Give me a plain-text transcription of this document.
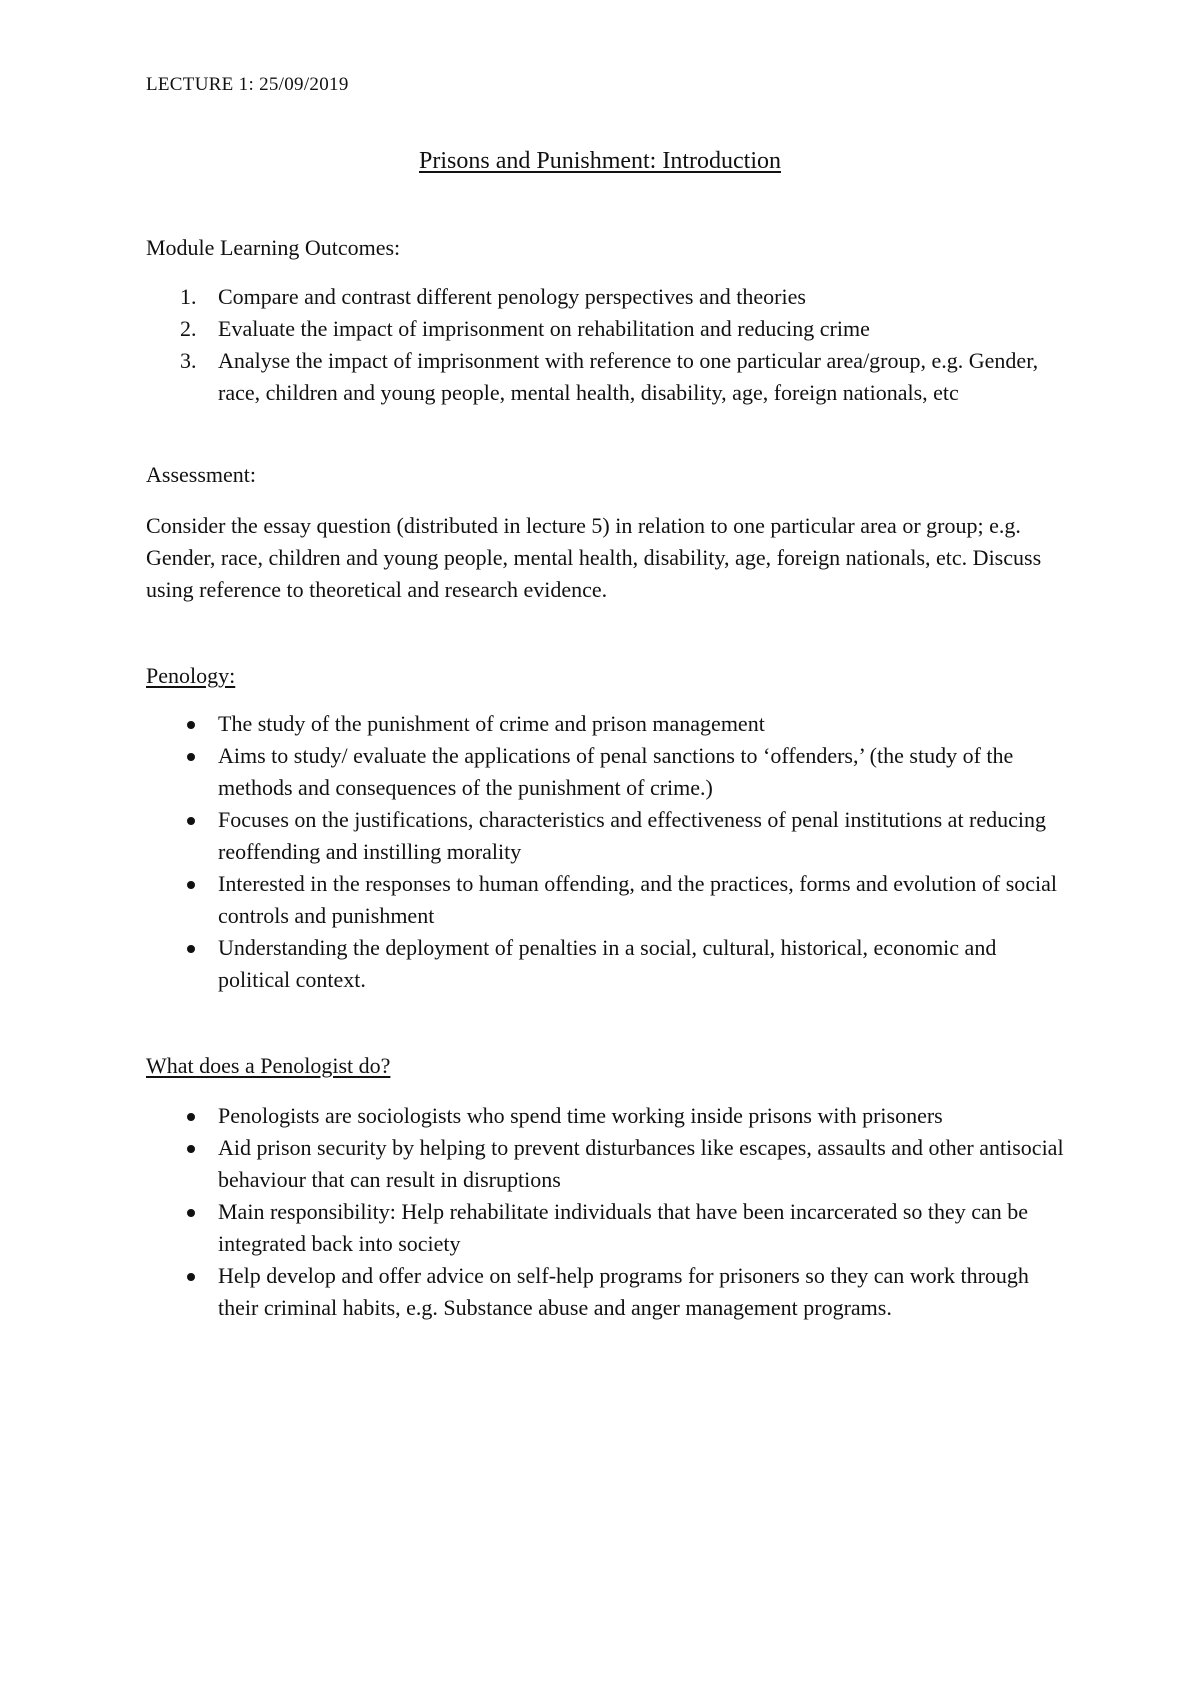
LECTURE 1: 25/09/2019
Prisons and Punishment: Introduction
Module Learning Outcomes:
1. Compare and contrast different penology perspectives and theories
2. Evaluate the impact of imprisonment on rehabilitation and reducing crime
3. Analyse the impact of imprisonment with reference to one particular area/group, e.g. Gender, race, children and young people, mental health, disability, age, foreign nationals, etc
Assessment:
Consider the essay question (distributed in lecture 5) in relation to one particular area or group; e.g. Gender, race, children and young people, mental health, disability, age, foreign nationals, etc. Discuss using reference to theoretical and research evidence.
Penology:
The study of the punishment of crime and prison management
Aims to study/ evaluate the applications of penal sanctions to ‘offenders,’ (the study of the methods and consequences of the punishment of crime.)
Focuses on the justifications, characteristics and effectiveness of penal institutions at reducing reoffending and instilling morality
Interested in the responses to human offending, and the practices, forms and evolution of social controls and punishment
Understanding the deployment of penalties in a social, cultural, historical, economic and political context.
What does a Penologist do?
Penologists are sociologists who spend time working inside prisons with prisoners
Aid prison security by helping to prevent disturbances like escapes, assaults and other antisocial behaviour that can result in disruptions
Main responsibility: Help rehabilitate individuals that have been incarcerated so they can be integrated back into society
Help develop and offer advice on self-help programs for prisoners so they can work through their criminal habits, e.g. Substance abuse and anger management programs.
